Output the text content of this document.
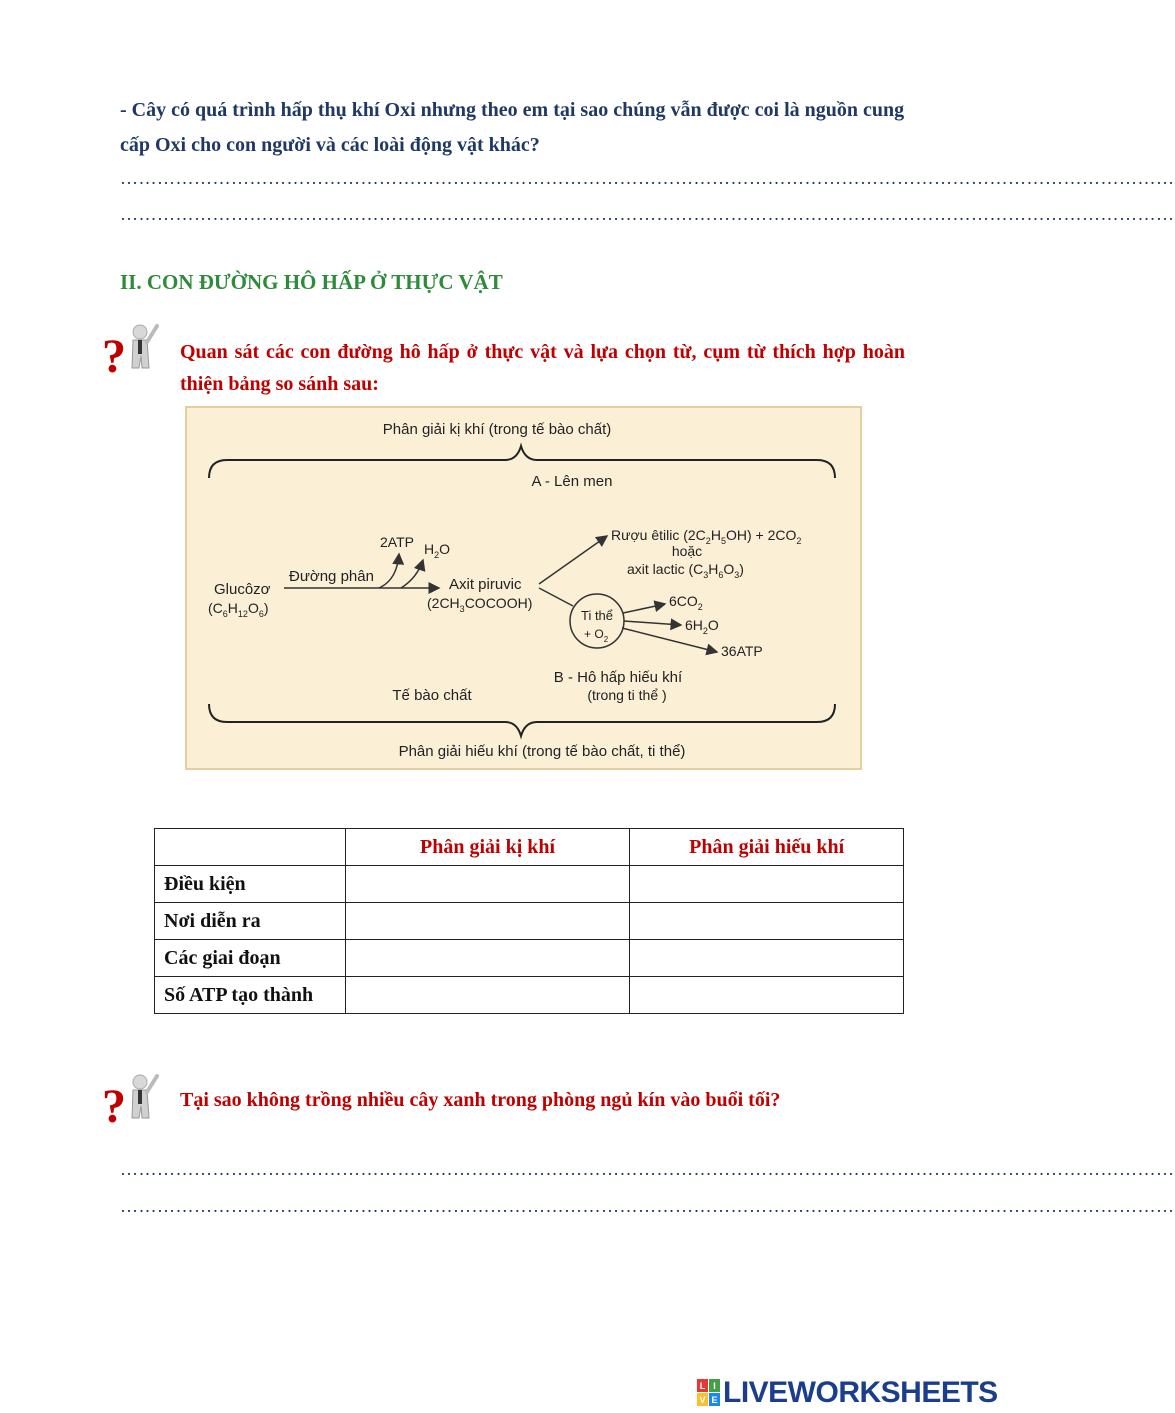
- Cây có quá trình hấp thụ khí Oxi nhưng theo em tại sao chúng vẫn được coi là nguồn cung cấp Oxi cho con người và các loài động vật khác?
………………………………………………………………………………………………………………………………………………………
………………………………………………………………………………………………………………………………………………………
II. CON ĐƯỜNG HÔ HẤP Ở THỰC VẬT
?	Quan sát các con đường hô hấp ở thực vật và lựa chọn từ, cụm từ thích hợp hoàn thiện bảng so sánh sau:
Phân giải kị khí (trong tế bào chất)
A - Lên men
Glucôzơ
$(C_6H_{12}O_6)$
Đường phân
2ATP $H_2O$
Axit piruvic
$(2CH_3COCOOH)$
Rượu êtilic $(2C_2H_5OH) + 2CO_2$
hoặc
axit lactic $(C_3H_6O_3)$
Ti thể
+ $O_2$
$6CO_2$
$6H_2O$
36ATP
B - Hô hấp hiếu khí
(trong ti thể )
Tế bào chất
Phân giải hiếu khí (trong tế bào chất, ti thể)
	Phân giải kị khí	Phân giải hiếu khí
Điều kiện		
Nơi diễn ra		
Các giai đoạn		
Số ATP tạo thành		
?	Tại sao không trồng nhiều cây xanh trong phòng ngủ kín vào buổi tối?
………………………………………………………………………………………………………………………………………………………
………………………………………………………………………………………………………………………………………………………
L I
V E LIVEWORKSHEETS
